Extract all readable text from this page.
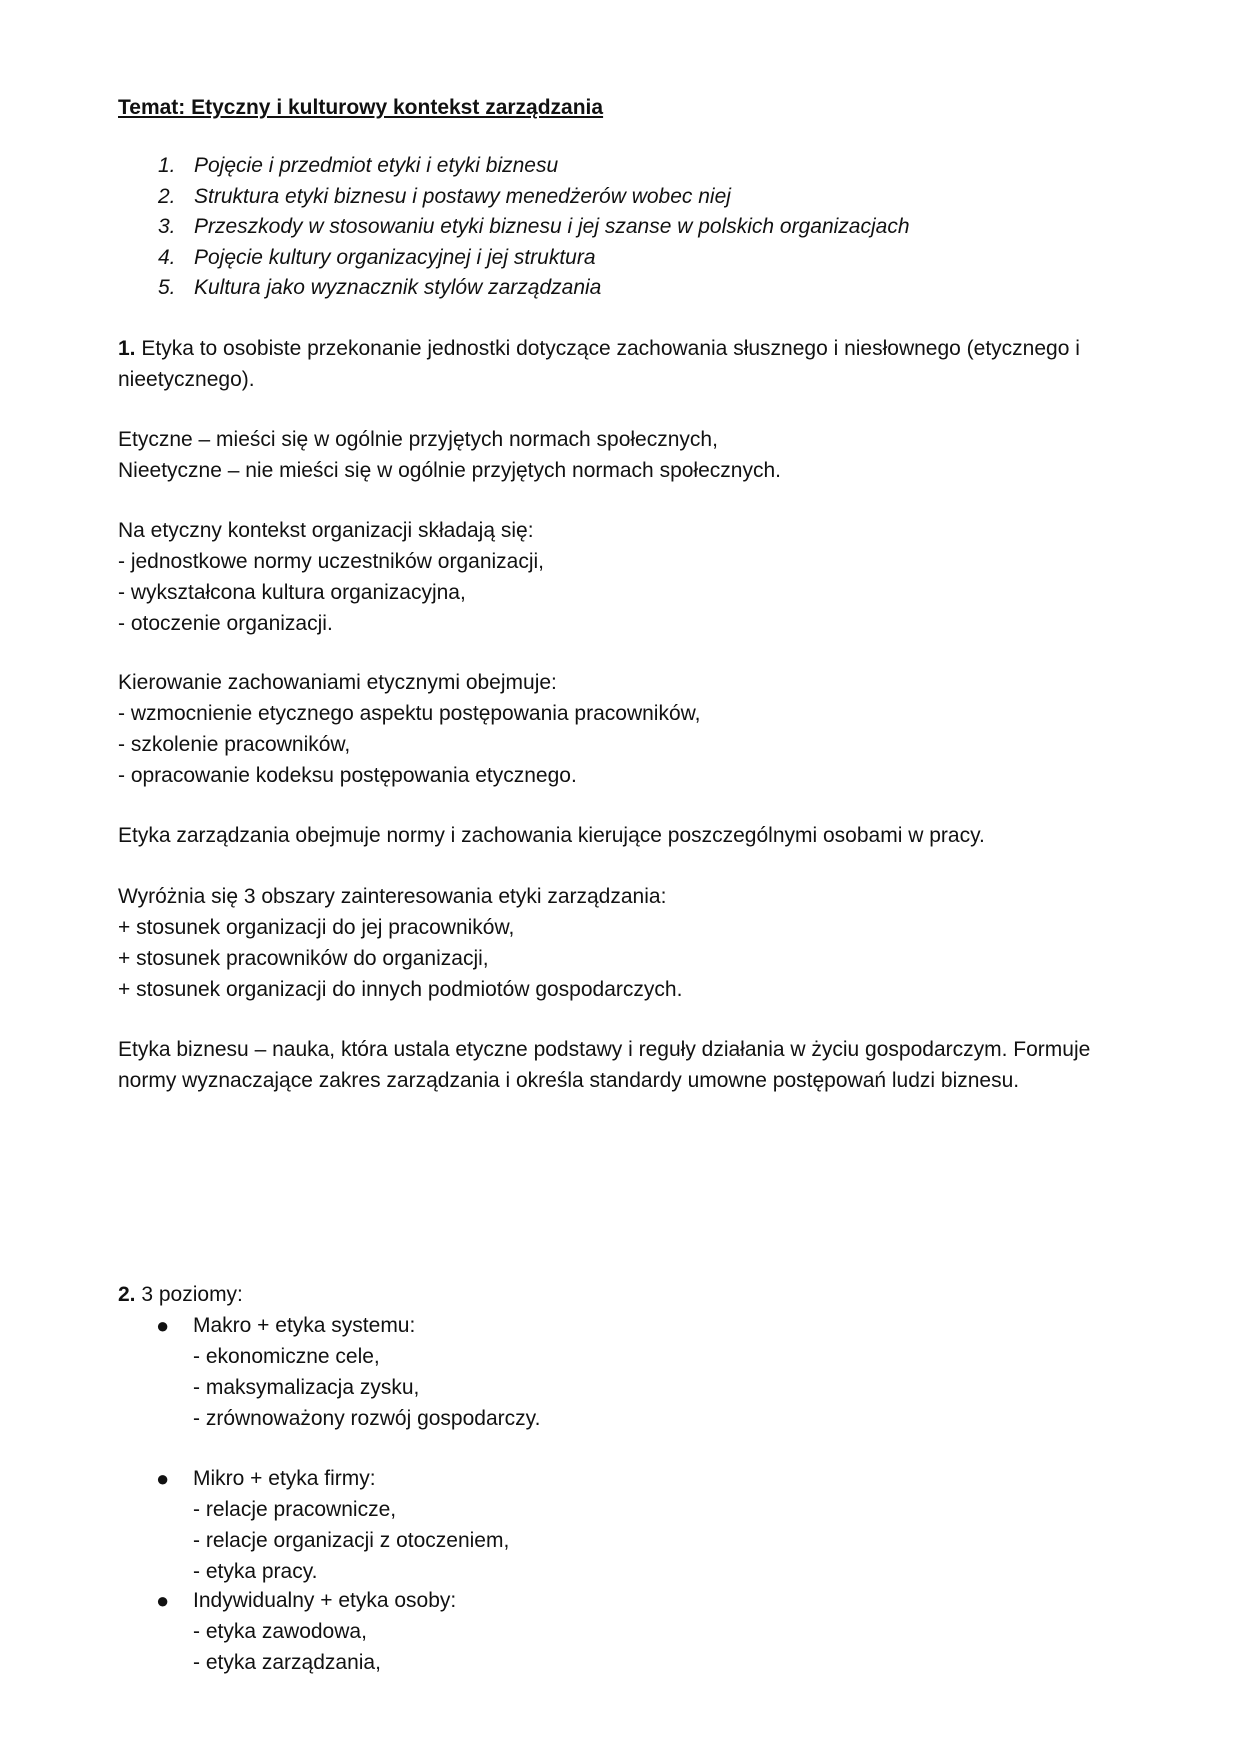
Temat: Etyczny i kulturowy kontekst zarządzania
1. Pojęcie i przedmiot etyki i etyki biznesu
2. Struktura etyki biznesu i postawy menedżerów wobec niej
3. Przeszkody w stosowaniu etyki biznesu i jej szanse w polskich organizacjach
4. Pojęcie kultury organizacyjnej i jej struktura
5. Kultura jako wyznacznik stylów zarządzania
1. Etyka to osobiste przekonanie jednostki dotyczące zachowania słusznego i niesłownego (etycznego i
nieetycznego).
Etyczne – mieści się w ogólnie przyjętych normach społecznych,
Nieetyczne – nie mieści się w ogólnie przyjętych normach społecznych.
Na etyczny kontekst organizacji składają się:
- jednostkowe normy uczestników organizacji,
- wykształcona kultura organizacyjna,
- otoczenie organizacji.
Kierowanie zachowaniami etycznymi obejmuje:
- wzmocnienie etycznego aspektu postępowania pracowników,
- szkolenie pracowników,
- opracowanie kodeksu postępowania etycznego.
Etyka zarządzania obejmuje normy i zachowania kierujące poszczególnymi osobami w pracy.
Wyróżnia się 3 obszary zainteresowania etyki zarządzania:
+ stosunek organizacji do jej pracowników,
+ stosunek pracowników do organizacji,
+ stosunek organizacji do innych podmiotów gospodarczych.
Etyka biznesu – nauka, która ustala etyczne podstawy i reguły działania w życiu gospodarczym. Formuje
normy wyznaczające zakres zarządzania i określa standardy umowne postępowań ludzi biznesu.
2. 3 poziomy:
●	Makro + etyka systemu:
- ekonomiczne cele,
- maksymalizacja zysku,
- zrównoważony rozwój gospodarczy.
●	Mikro + etyka firmy:
- relacje pracownicze,
- relacje organizacji z otoczeniem,
- etyka pracy.
●	Indywidualny + etyka osoby:
- etyka zawodowa,
- etyka zarządzania,
